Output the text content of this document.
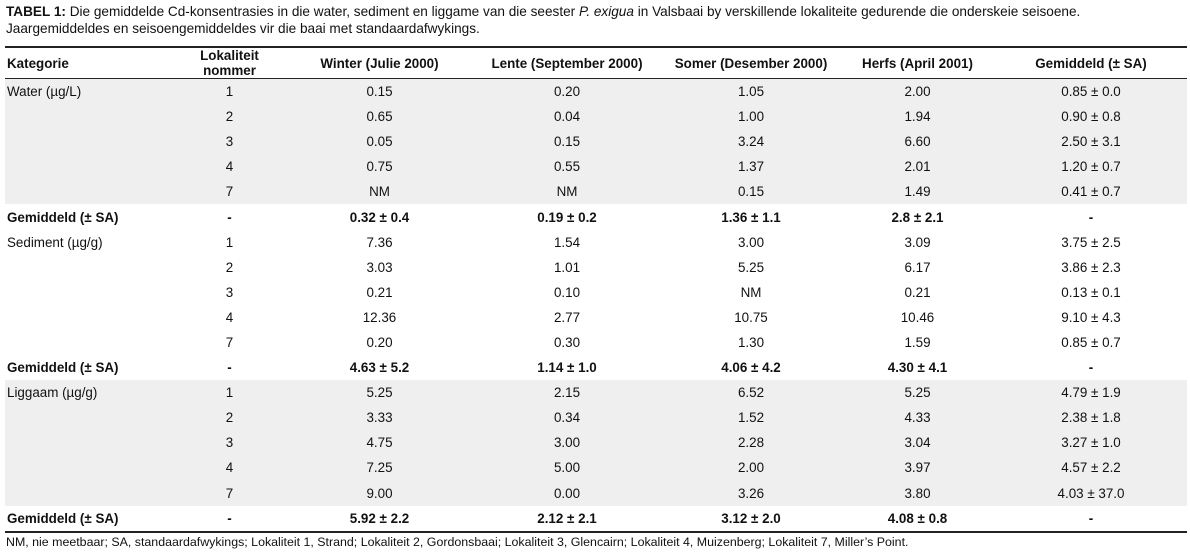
TABEL 1: Die gemiddelde Cd-konsentrasies in die water, sediment en liggame van die seester P. exigua in Valsbaai by verskillende lokaliteite gedurende die onderskeie seisoene. Jaargemiddeldes en seisoengemiddeldes vir die baai met standaardafwykings.
Kategorie	Lokaliteit nommer	Winter (Julie 2000)	Lente (September 2000)	Somer (Desember 2000)	Herfs (April 2001)	Gemiddeld (± SA)
Water (µg/L)	1	0.15	0.20	1.05	2.00	0.85 ± 0.0
	2	0.65	0.04	1.00	1.94	0.90 ± 0.8
	3	0.05	0.15	3.24	6.60	2.50 ± 3.1
	4	0.75	0.55	1.37	2.01	1.20 ± 0.7
	7	NM	NM	0.15	1.49	0.41 ± 0.7
Gemiddeld (± SA)	-	0.32 ± 0.4	0.19 ± 0.2	1.36 ± 1.1	2.8 ± 2.1	-
Sediment (µg/g)	1	7.36	1.54	3.00	3.09	3.75 ± 2.5
	2	3.03	1.01	5.25	6.17	3.86 ± 2.3
	3	0.21	0.10	NM	0.21	0.13 ± 0.1
	4	12.36	2.77	10.75	10.46	9.10 ± 4.3
	7	0.20	0.30	1.30	1.59	0.85 ± 0.7
Gemiddeld (± SA)	-	4.63 ± 5.2	1.14 ± 1.0	4.06 ± 4.2	4.30 ± 4.1	-
Liggaam (µg/g)	1	5.25	2.15	6.52	5.25	4.79 ± 1.9
	2	3.33	0.34	1.52	4.33	2.38 ± 1.8
	3	4.75	3.00	2.28	3.04	3.27 ± 1.0
	4	7.25	5.00	2.00	3.97	4.57 ± 2.2
	7	9.00	0.00	3.26	3.80	4.03 ± 37.0
Gemiddeld (± SA)	-	5.92 ± 2.2	2.12 ± 2.1	3.12 ± 2.0	4.08 ± 0.8	-
NM, nie meetbaar; SA, standaardafwykings; Lokaliteit 1, Strand; Lokaliteit 2, Gordonsbaai; Lokaliteit 3, Glencairn; Lokaliteit 4, Muizenberg; Lokaliteit 7, Miller’s Point.
